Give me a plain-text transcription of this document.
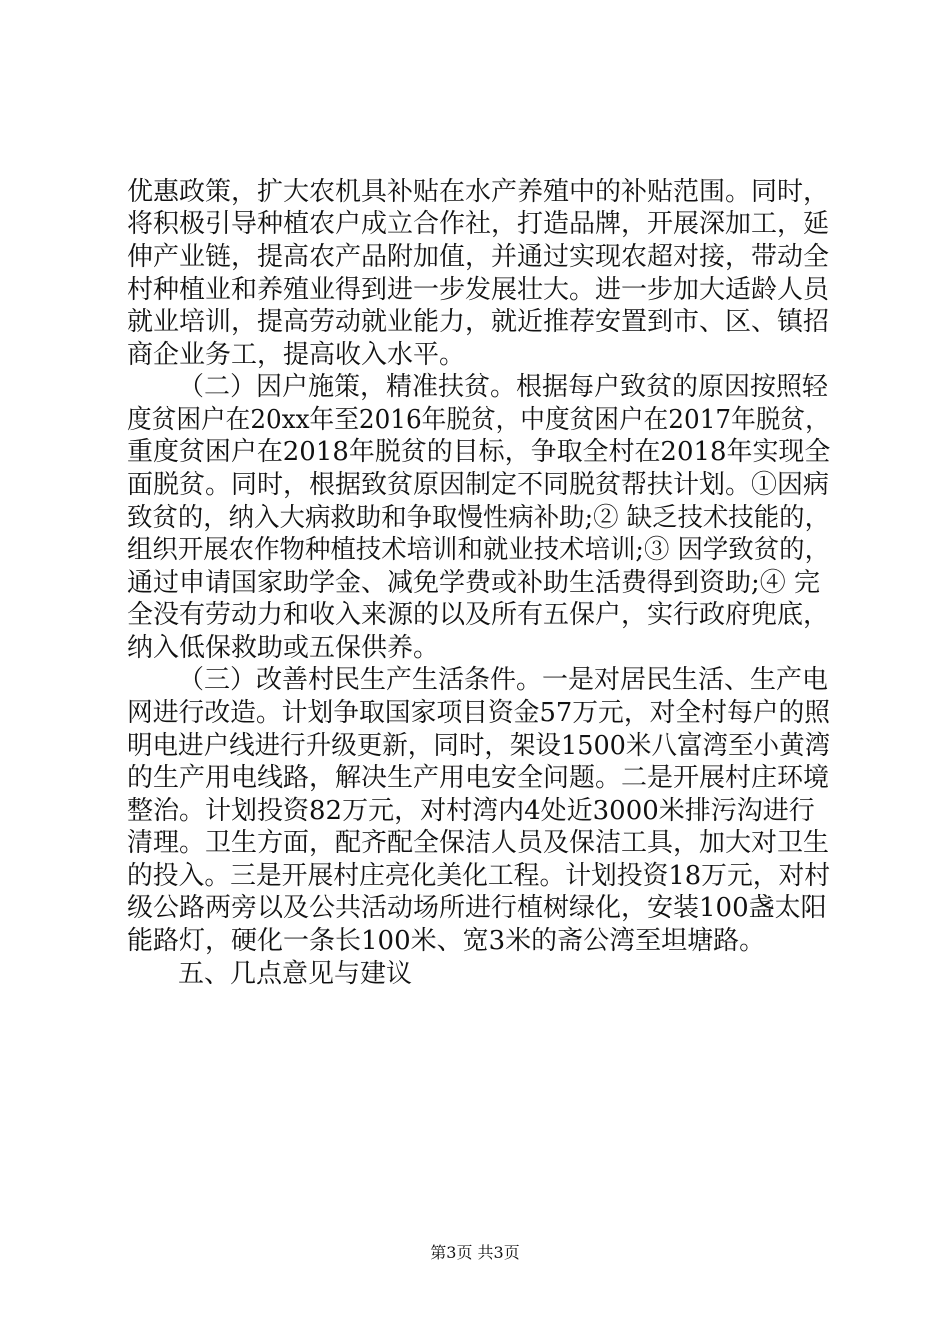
优惠政策，扩大农机具补贴在水产养殖中的补贴范围。同时，
将积极引导种植农户成立合作社，打造品牌，开展深加工，延
伸产业链，提高农产品附加值，并通过实现农超对接，带动全
村种植业和养殖业得到进一步发展壮大。进一步加大适龄人员
就业培训，提高劳动就业能力，就近推荐安置到市、区、镇招
商企业务工，提高收入水平。
（二）因户施策，精准扶贫。根据每户致贫的原因按照轻
度贫困户在20xx年至2016年脱贫，中度贫困户在2017年脱贫，
重度贫困户在2018年脱贫的目标，争取全村在2018年实现全
面脱贫。同时，根据致贫原因制定不同脱贫帮扶计划。①因病
致贫的，纳入大病救助和争取慢性病补助;② 缺乏技术技能的，
组织开展农作物种植技术培训和就业技术培训;③ 因学致贫的，
通过申请国家助学金、减免学费或补助生活费得到资助;④ 完
全没有劳动力和收入来源的以及所有五保户，实行政府兜底，
纳入低保救助或五保供养。
（三）改善村民生产生活条件。一是对居民生活、生产电
网进行改造。计划争取国家项目资金57万元，对全村每户的照
明电进户线进行升级更新，同时，架设1500米八富湾至小黄湾
的生产用电线路，解决生产用电安全问题。二是开展村庄环境
整治。计划投资82万元，对村湾内4处近3000米排污沟进行
清理。卫生方面，配齐配全保洁人员及保洁工具，加大对卫生
的投入。三是开展村庄亮化美化工程。计划投资18万元，对村
级公路两旁以及公共活动场所进行植树绿化，安装100盏太阳
能路灯，硬化一条长100米、宽3米的斋公湾至坦塘路。
五、几点意见与建议
第3页 共3页
